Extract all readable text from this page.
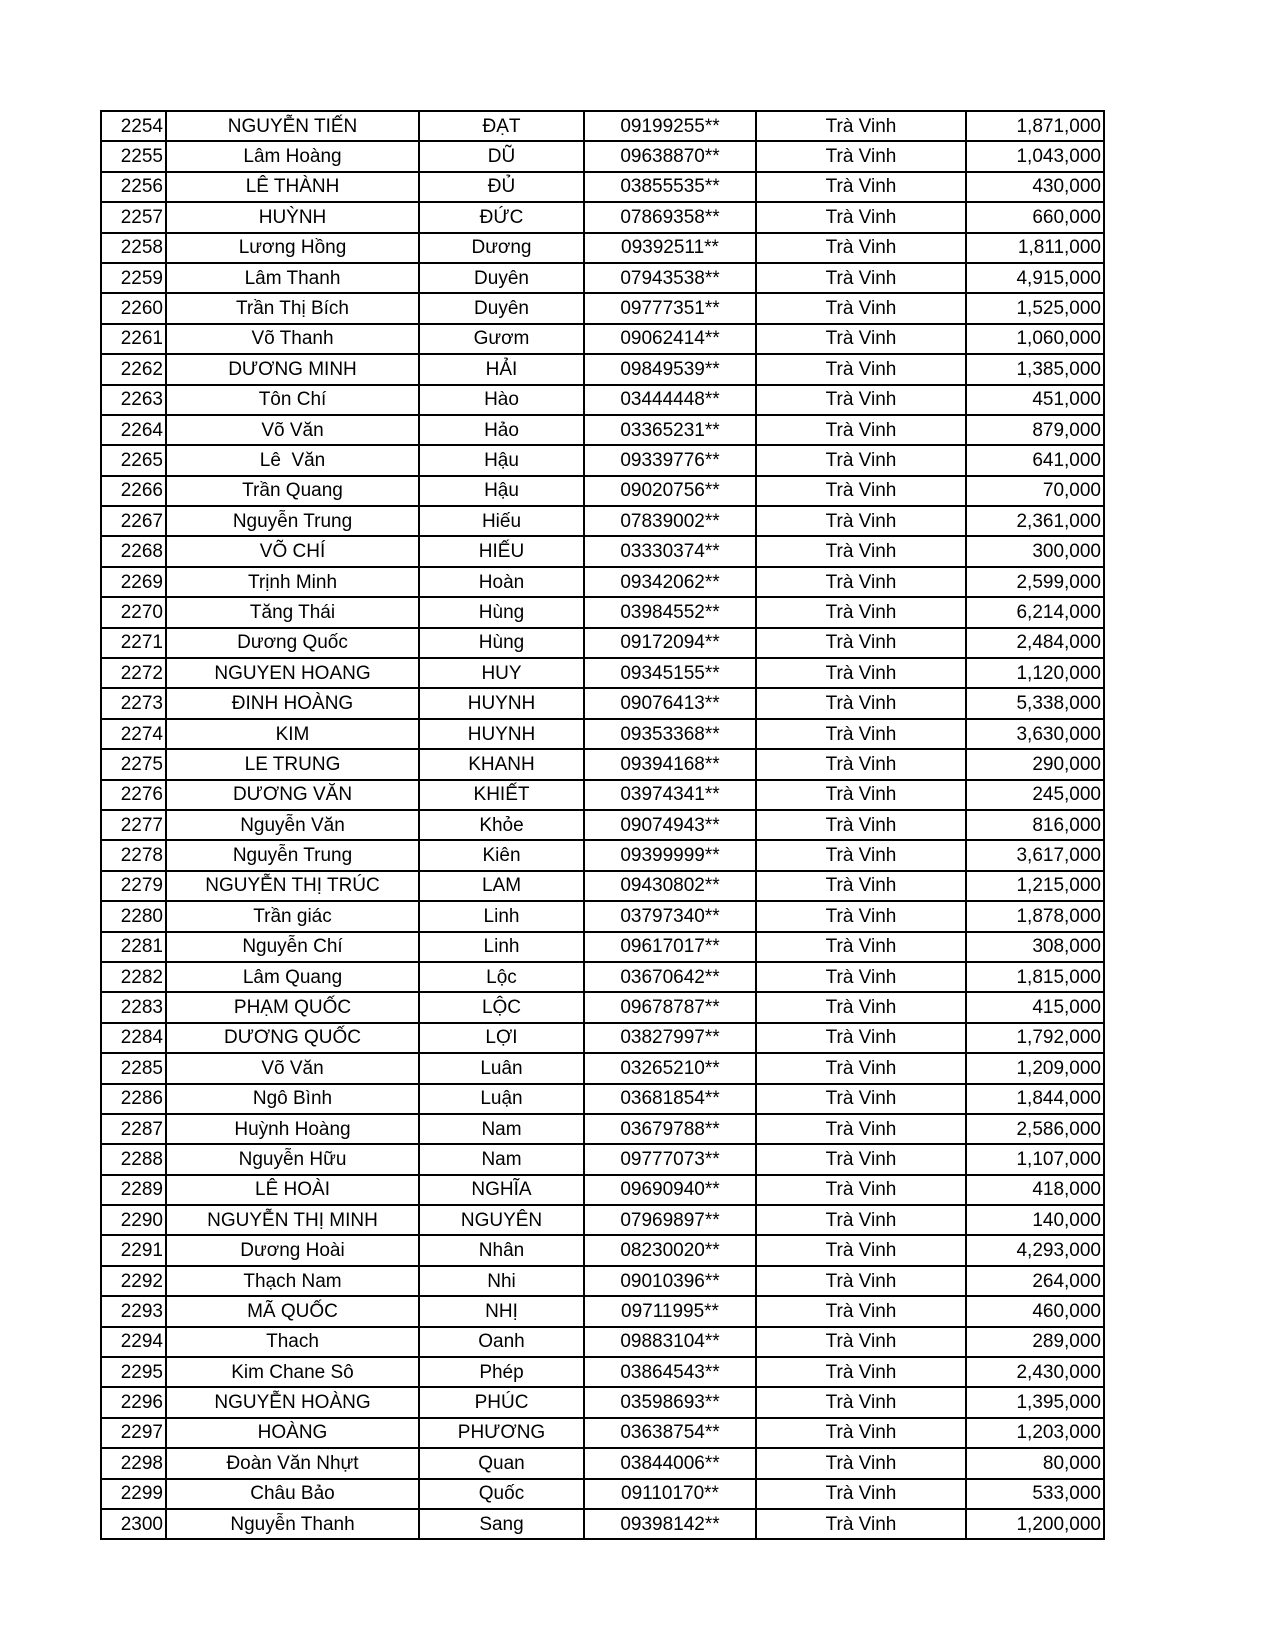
2254	NGUYỄN TIẾN	ĐẠT	09199255**	Trà Vinh	1,871,000
2255	Lâm Hoàng	DŨ	09638870**	Trà Vinh	1,043,000
2256	LÊ THÀNH	ĐỦ	03855535**	Trà Vinh	430,000
2257	HUỲNH	ĐỨC	07869358**	Trà Vinh	660,000
2258	Lương Hồng	Dương	09392511**	Trà Vinh	1,811,000
2259	Lâm Thanh	Duyên	07943538**	Trà Vinh	4,915,000
2260	Trần Thị Bích	Duyên	09777351**	Trà Vinh	1,525,000
2261	Võ Thanh	Gươm	09062414**	Trà Vinh	1,060,000
2262	DƯƠNG MINH	HẢI	09849539**	Trà Vinh	1,385,000
2263	Tôn Chí	Hào	03444448**	Trà Vinh	451,000
2264	Võ Văn	Hảo	03365231**	Trà Vinh	879,000
2265	Lê  Văn	Hậu	09339776**	Trà Vinh	641,000
2266	Trần Quang	Hậu	09020756**	Trà Vinh	70,000
2267	Nguyễn Trung	Hiếu	07839002**	Trà Vinh	2,361,000
2268	VÕ CHÍ	HIẾU	03330374**	Trà Vinh	300,000
2269	Trịnh Minh	Hoàn	09342062**	Trà Vinh	2,599,000
2270	Tăng Thái	Hùng	03984552**	Trà Vinh	6,214,000
2271	Dương Quốc	Hùng	09172094**	Trà Vinh	2,484,000
2272	NGUYEN HOANG	HUY	09345155**	Trà Vinh	1,120,000
2273	ĐINH HOÀNG	HUYNH	09076413**	Trà Vinh	5,338,000
2274	KIM	HUYNH	09353368**	Trà Vinh	3,630,000
2275	LE TRUNG	KHANH	09394168**	Trà Vinh	290,000
2276	DƯƠNG VĂN	KHIẾT	03974341**	Trà Vinh	245,000
2277	Nguyễn Văn	Khỏe	09074943**	Trà Vinh	816,000
2278	Nguyễn Trung	Kiên	09399999**	Trà Vinh	3,617,000
2279	NGUYỄN THỊ TRÚC	LAM	09430802**	Trà Vinh	1,215,000
2280	Trần giác	Linh	03797340**	Trà Vinh	1,878,000
2281	Nguyễn Chí	Linh	09617017**	Trà Vinh	308,000
2282	Lâm Quang	Lộc	03670642**	Trà Vinh	1,815,000
2283	PHẠM QUỐC	LỘC	09678787**	Trà Vinh	415,000
2284	DƯƠNG QUỐC	LỢI	03827997**	Trà Vinh	1,792,000
2285	Võ Văn	Luân	03265210**	Trà Vinh	1,209,000
2286	Ngô Bình	Luận	03681854**	Trà Vinh	1,844,000
2287	Huỳnh Hoàng	Nam	03679788**	Trà Vinh	2,586,000
2288	Nguyễn Hữu	Nam	09777073**	Trà Vinh	1,107,000
2289	LÊ HOÀI	NGHĨA	09690940**	Trà Vinh	418,000
2290	NGUYỄN THỊ MINH	NGUYÊN	07969897**	Trà Vinh	140,000
2291	Dương Hoài	Nhân	08230020**	Trà Vinh	4,293,000
2292	Thạch Nam	Nhi	09010396**	Trà Vinh	264,000
2293	MÃ QUỐC	NHỊ	09711995**	Trà Vinh	460,000
2294	Thach	Oanh	09883104**	Trà Vinh	289,000
2295	Kim Chane Sô	Phép	03864543**	Trà Vinh	2,430,000
2296	NGUYỄN HOÀNG	PHÚC	03598693**	Trà Vinh	1,395,000
2297	HOÀNG	PHƯƠNG	03638754**	Trà Vinh	1,203,000
2298	Đoàn Văn Nhựt	Quan	03844006**	Trà Vinh	80,000
2299	Châu Bảo	Quốc	09110170**	Trà Vinh	533,000
2300	Nguyễn Thanh	Sang	09398142**	Trà Vinh	1,200,000
